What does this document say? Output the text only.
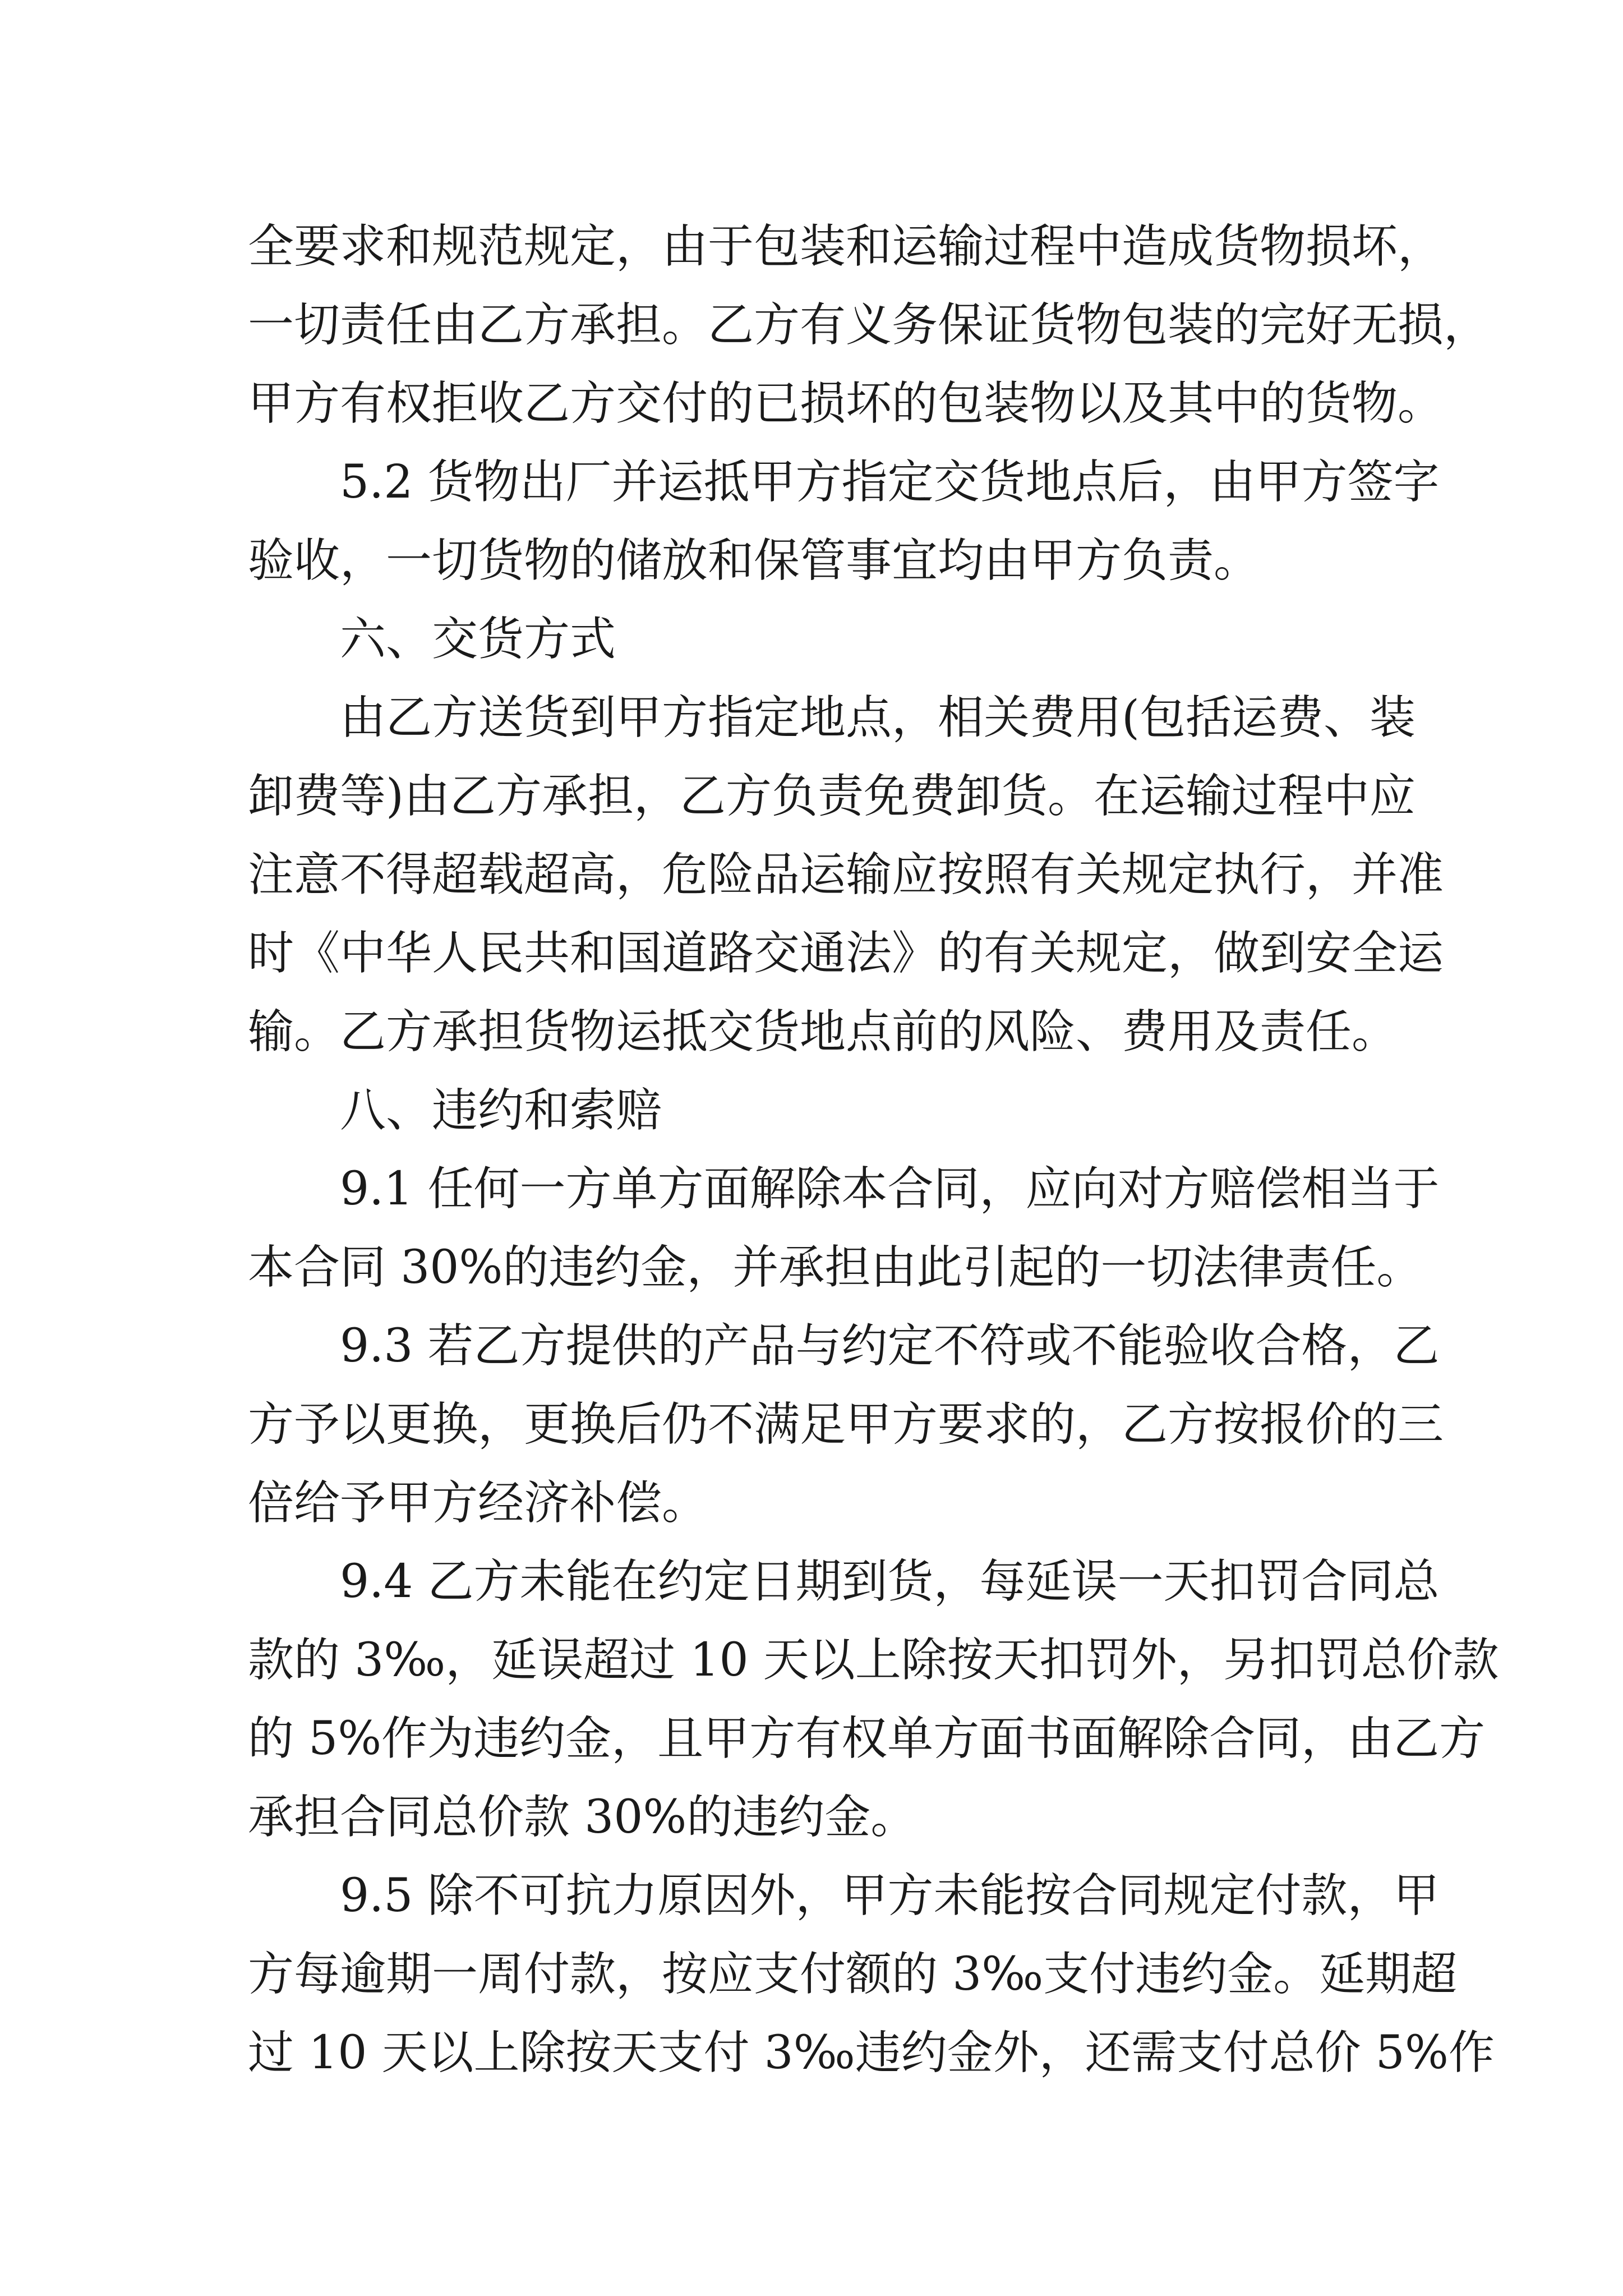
全要求和规范规定，由于包装和运输过程中造成货物损坏，
一切责任由乙方承担。乙方有义务保证货物包装的完好无损，
甲方有权拒收乙方交付的已损坏的包装物以及其中的货物。
5.2 货物出厂并运抵甲方指定交货地点后，由甲方签字
验收，一切货物的储放和保管事宜均由甲方负责。
六、交货方式
由乙方送货到甲方指定地点，相关费用(包括运费、装
卸费等)由乙方承担，乙方负责免费卸货。在运输过程中应
注意不得超载超高，危险品运输应按照有关规定执行，并准
时《中华人民共和国道路交通法》的有关规定，做到安全运
输。乙方承担货物运抵交货地点前的风险、费用及责任。
八、违约和索赔
9.1 任何一方单方面解除本合同，应向对方赔偿相当于
本合同 30%的违约金，并承担由此引起的一切法律责任。
9.3 若乙方提供的产品与约定不符或不能验收合格，乙
方予以更换，更换后仍不满足甲方要求的，乙方按报价的三
倍给予甲方经济补偿。
9.4 乙方未能在约定日期到货，每延误一天扣罚合同总
款的 3‰，延误超过 10 天以上除按天扣罚外，另扣罚总价款
的 5%作为违约金，且甲方有权单方面书面解除合同，由乙方
承担合同总价款 30%的违约金。
9.5 除不可抗力原因外，甲方未能按合同规定付款，甲
方每逾期一周付款，按应支付额的 3‰支付违约金。延期超
过 10 天以上除按天支付 3‰违约金外，还需支付总价 5%作
